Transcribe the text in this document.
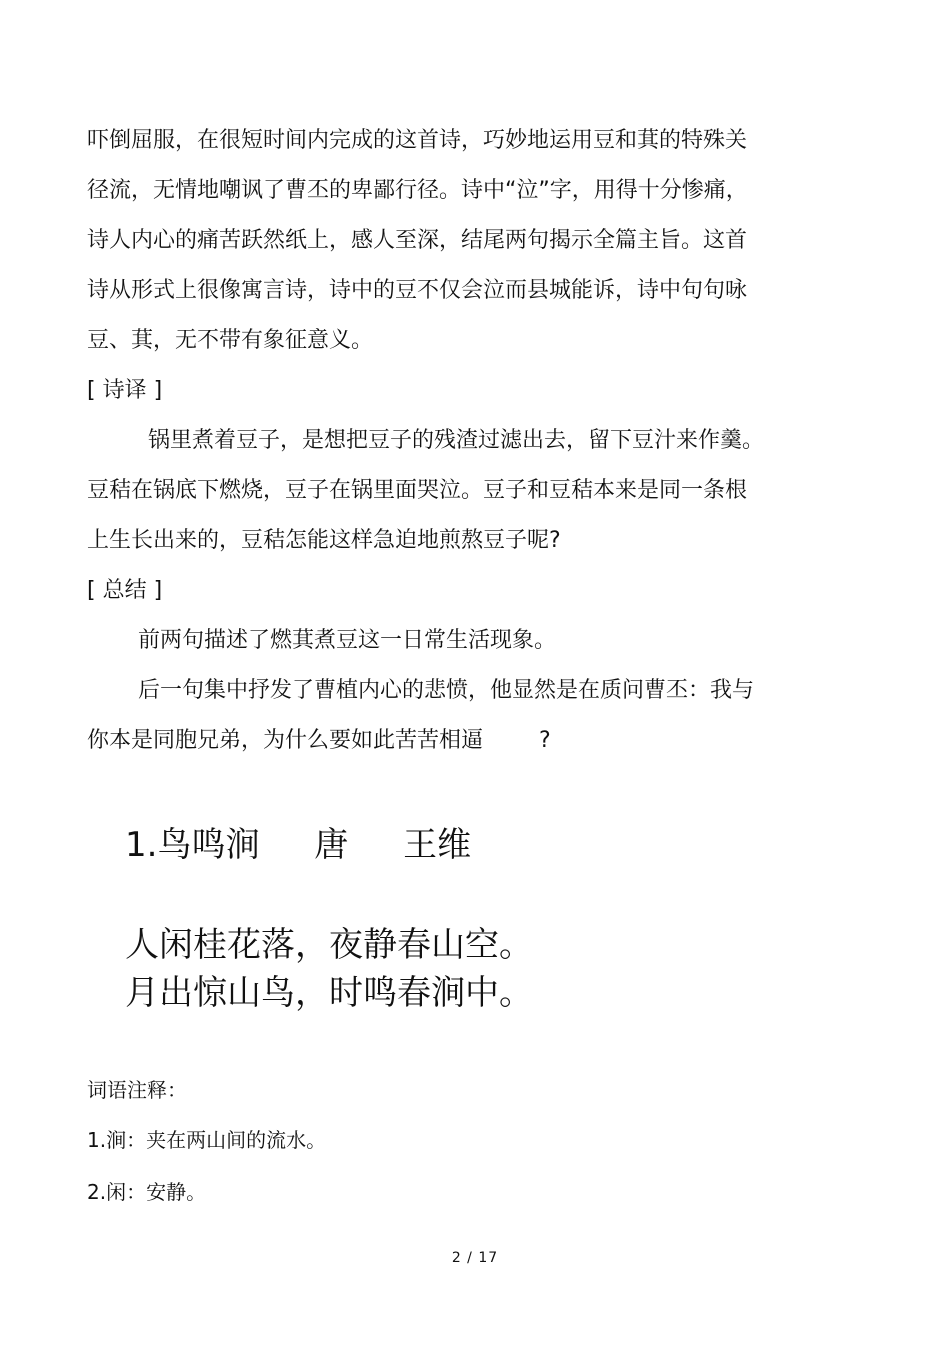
吓倒屈服，在很短时间内完成的这首诗，巧妙地运用豆和萁的特殊关
径流，无情地嘲讽了曹丕的卑鄙行径。诗中“泣”字，用得十分惨痛，
诗人内心的痛苦跃然纸上，感人至深，结尾两句揭示全篇主旨。这首
诗从形式上很像寓言诗，诗中的豆不仅会泣而县城能诉，诗中句句咏
豆、萁，无不带有象征意义。
[ 诗译 ]
锅里煮着豆子，是想把豆子的残渣过滤出去，留下豆汁来作羹。
豆秸在锅底下燃烧，豆子在锅里面哭泣。豆子和豆秸本来是同一条根
上生长出来的，豆秸怎能这样急迫地煎熬豆子呢?
[ 总结 ]
前两句描述了燃萁煮豆这一日常生活现象。
后一句集中抒发了曹植内心的悲愤，他显然是在质问曹丕：我与
你本是同胞兄弟，为什么要如此苦苦相逼        ?
1.鸟鸣涧 唐 王维
人闲桂花落，夜静春山空。
月出惊山鸟，时鸣春涧中。
词语注释：
1.涧：夹在两山间的流水。
2.闲：安静。
2 / 17
